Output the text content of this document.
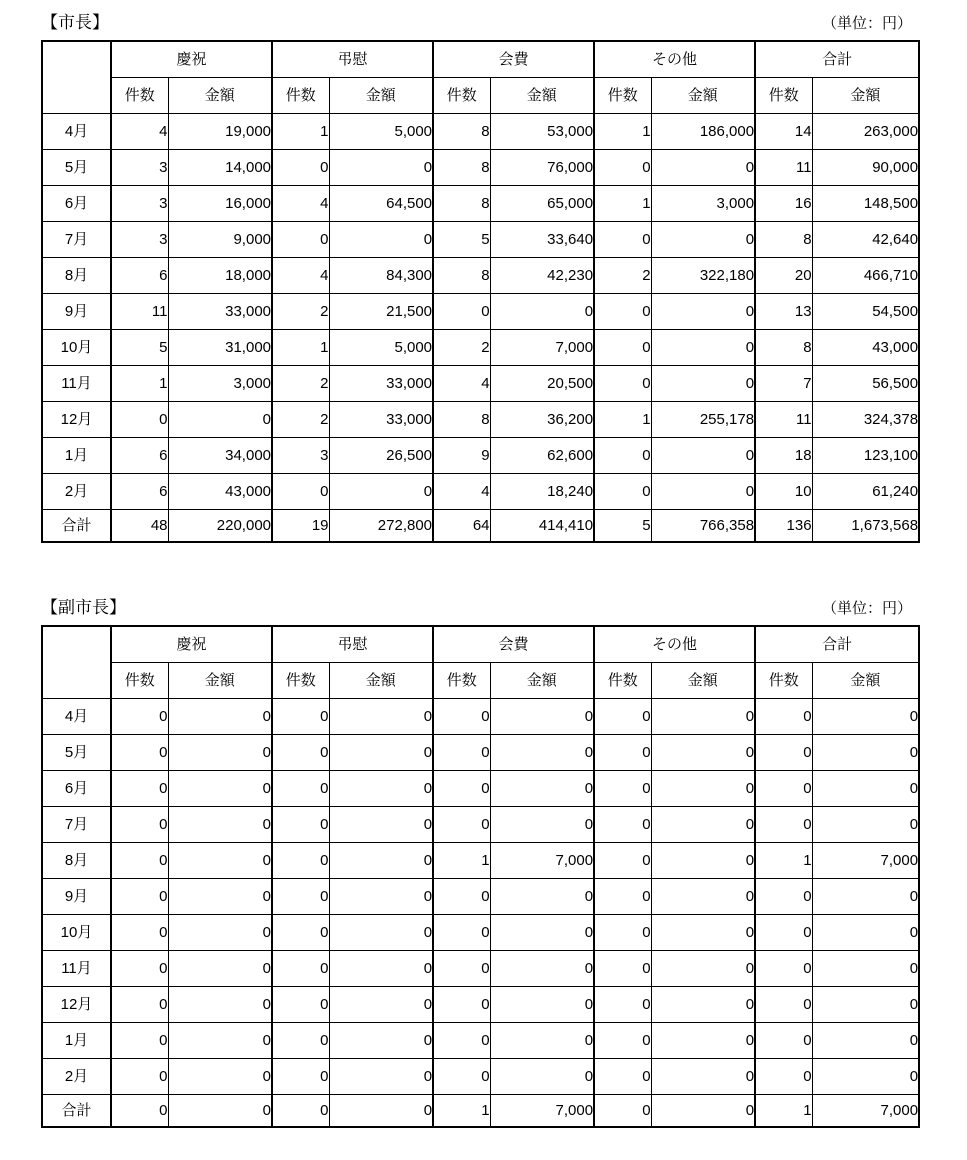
【市長】	（単位：円）
	慶祝		弔慰		会費		その他		合計	
	件数	金額	件数	金額	件数	金額	件数	金額	件数	金額
4月	4	19,000	1	5,000	8	53,000	1	186,000	14	263,000
5月	3	14,000	0	0	8	76,000	0	0	11	90,000
6月	3	16,000	4	64,500	8	65,000	1	3,000	16	148,500
7月	3	9,000	0	0	5	33,640	0	0	8	42,640
8月	6	18,000	4	84,300	8	42,230	2	322,180	20	466,710
9月	11	33,000	2	21,500	0	0	0	0	13	54,500
10月	5	31,000	1	5,000	2	7,000	0	0	8	43,000
11月	1	3,000	2	33,000	4	20,500	0	0	7	56,500
12月	0	0	2	33,000	8	36,200	1	255,178	11	324,378
1月	6	34,000	3	26,500	9	62,600	0	0	18	123,100
2月	6	43,000	0	0	4	18,240	0	0	10	61,240
合計	48	220,000	19	272,800	64	414,410	5	766,358	136	1,673,568
【副市長】	（単位：円）
	慶祝		弔慰		会費		その他		合計	
	件数	金額	件数	金額	件数	金額	件数	金額	件数	金額
4月	0	0	0	0	0	0	0	0	0	0
5月	0	0	0	0	0	0	0	0	0	0
6月	0	0	0	0	0	0	0	0	0	0
7月	0	0	0	0	0	0	0	0	0	0
8月	0	0	0	0	1	7,000	0	0	1	7,000
9月	0	0	0	0	0	0	0	0	0	0
10月	0	0	0	0	0	0	0	0	0	0
11月	0	0	0	0	0	0	0	0	0	0
12月	0	0	0	0	0	0	0	0	0	0
1月	0	0	0	0	0	0	0	0	0	0
2月	0	0	0	0	0	0	0	0	0	0
合計	0	0	0	0	1	7,000	0	0	1	7,000
